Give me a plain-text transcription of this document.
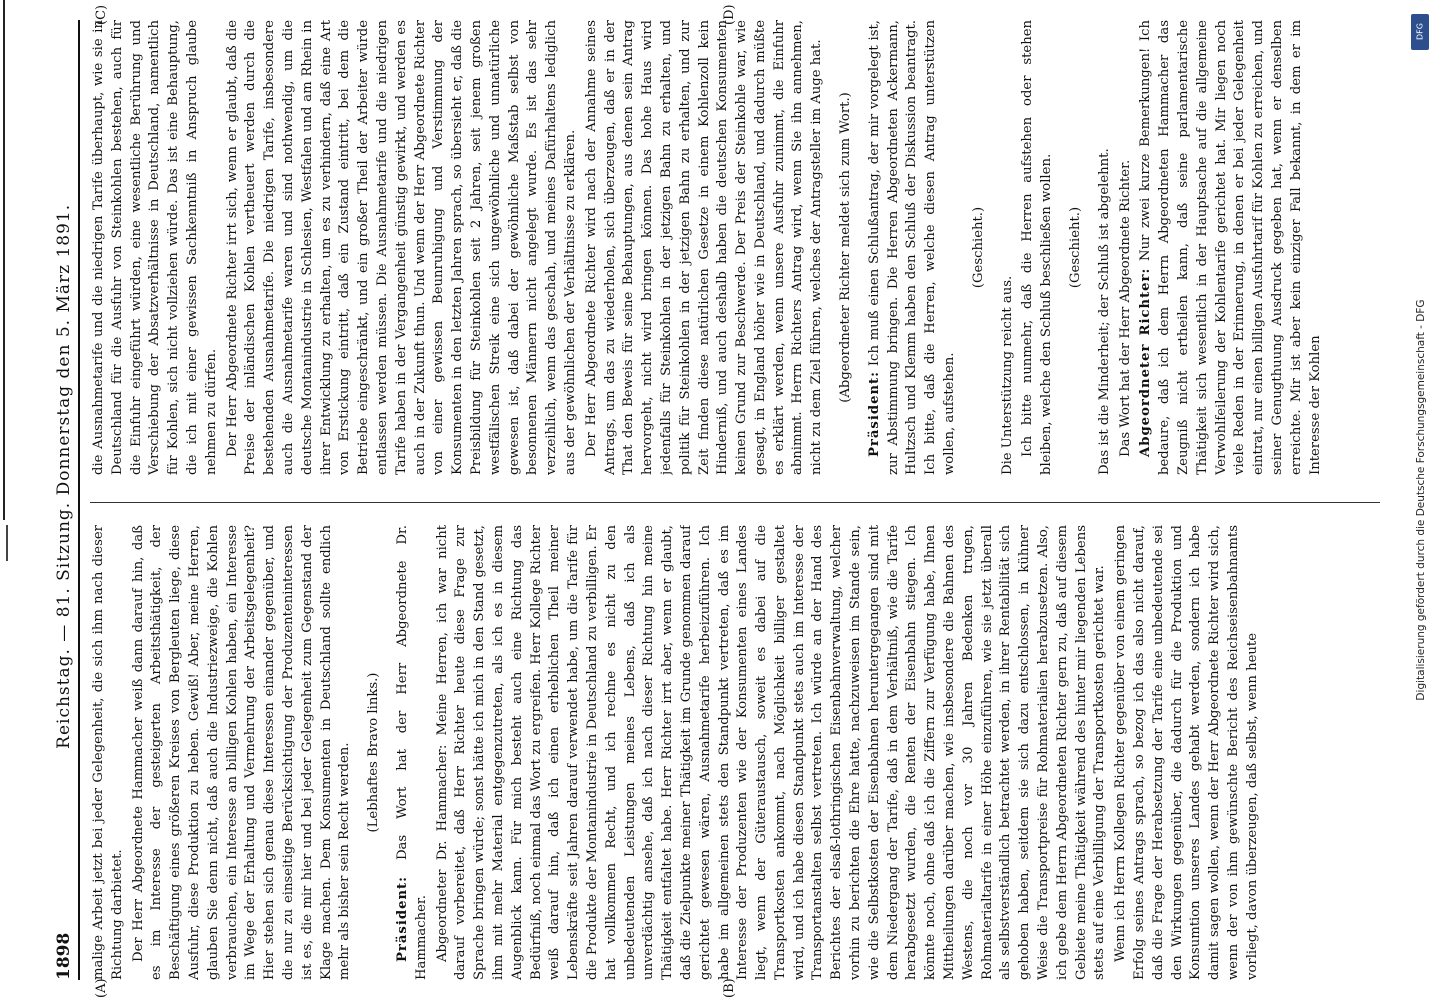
1898
Reichstag. — 81. Sitzung. Donnerstag den 5. März 1891.
(A)	(B)
(C)	(D)

malige Arbeit jetzt bei jeder Gelegenheit, die sich ihm nach dieser Richtung darbietet. Der Herr Abgeordnete Hammacher weiß dann darauf hin, daß es im Interesse der gesteigerten Arbeitsthätigkeit, der Beschäftigung eines größeren Kreises von Bergleuten liege, diese Ausfuhr, diese Produktion zu heben. Gewiß! Aber, meine Herren, glauben Sie denn nicht, daß auch die Industriezweige, die Kohlen verbrauchen, ein Interesse an billigen Kohlen haben, ein Interesse im Wege der Erhaltung und Vermehrung der Arbeitsgelegenheit? Hier stehen sich genau diese Interessen einander gegenüber, und die nur zu einseitige Berücksichtigung der Produzenteninteressen ist es, die mir hier und bei jeder Gelegenheit zum Gegenstand der Klage machen. Dem Konsumenten in Deutschland sollte endlich mehr als bisher sein Recht werden. (Lebhaftes Bravo links.)

Präsident: Das Wort hat der Herr Abgeordnete Dr. Hammacher. Abgeordneter Dr. Hammacher: Meine Herren, ich war nicht darauf vorbereitet, daß Herr Richter heute diese Frage zur Sprache bringen würde; sonst hätte ich mich in den Stand gesetzt, ihm mit mehr Material entgegenzutreten, als ich es in diesem Augenblick kann. Für mich besteht auch eine Richtung das Bedürfniß, noch einmal das Wort zu ergreifen. Herr Kollege Richter weiß darauf hin, daß ich einen erheblichen Theil meiner Lebenskräfte seit Jahren darauf verwendet habe, um die Tarife für die Produkte der Montanindustrie in Deutschland zu verbilligen. Er hat vollkommen Recht, und ich rechne es nicht zu den unbedeutenden Leistungen meines Lebens, daß ich als unverdächtig ansehe, daß ich nach dieser Richtung hin meine Thätigkeit entfaltet habe. Herr Richter irrt aber, wenn er glaubt, daß die Zielpunkte meiner Thätigkeit im Grunde genommen darauf gerichtet gewesen wären, Ausnahmetarife herbeizuführen. Ich habe im allgemeinen stets den Standpunkt vertreten, daß es im Interesse der Produzenten wie der Konsumenten eines Landes liegt, wenn der Güteraustausch, soweit es dabei auf die Transportkosten ankommt, nach Möglichkeit billiger gestaltet wird, und ich habe diesen Standpunkt stets auch im Interesse der Transportanstalten selbst vertreten. Ich würde an der Hand des Berichtes der elsaß-lothringischen Eisenbahnverwaltung, welcher vorhin zu berichten die Ehre hatte, nachzuweisen im Stande sein, wie die Selbstkosten der Eisenbahnen heruntergegangen sind mit dem Niedergang der Tarife, daß in dem Verhältniß, wie die Tarife herabgesetzt wurden, die Renten der Eisenbahn stiegen. Ich könnte noch, ohne daß ich die Ziffern zur Verfügung habe, Ihnen Mittheilungen darüber machen, wie insbesondere die Bahnen des Westens, die noch vor 30 Jahren Bedenken trugen, Rohmaterialtarife in einer Höhe einzuführen, wie sie jetzt überall als selbstverständlich betrachtet werden, in ihrer Rentabilität sich gehoben haben, seitdem sie sich dazu entschlossen, in kühner Weise die Transportpreise für Rohmaterialien herabzusetzen. Also, ich gebe dem Herrn Abgeordneten Richter gern zu, daß auf diesem Gebiete meine Thätigkeit während des hinter mir liegenden Lebens stets auf eine Verbilligung der Transportkosten gerichtet war. Wenn ich Herrn Kollegen Richter gegenüber von einem geringen Erfolg seines Antrags sprach, so bezog ich das also nicht darauf, daß die Frage der Herabsetzung der Tarife eine unbedeutende sei den Wirkungen gegenüber, die dadurch für die Produktion und Konsumtion unseres Landes gehabt werden, sondern ich habe damit sagen wollen, wenn der Herr Abgeordnete Richter wird sich, wenn der von ihm gewünschte Bericht des Reichseisenbahnamts vorliegt, davon überzeugen, daß selbst, wenn heute

die Ausnahmetarife und die niedrigen Tarife überhaupt, wie sie in Deutschland für die Ausfuhr von Steinkohlen bestehen, auch für die Einfuhr eingeführt würden, eine wesentliche Berührung und Verschiebung der Absatzverhältnisse in Deutschland, namentlich für Kohlen, sich nicht vollziehen würde. Das ist eine Behauptung, die ich mit einer gewissen Sachkenntniß in Anspruch glaube nehmen zu dürfen. Der Herr Abgeordnete Richter irrt sich, wenn er glaubt, daß die Preise der inländischen Kohlen vertheuert werden durch die bestehenden Ausnahmetarife. Die niedrigen Tarife, insbesondere auch die Ausnahmetarife waren und sind nothwendig, um die deutsche Montanindustrie in Schlesien, Westfalen und am Rhein in ihrer Entwicklung zu erhalten, um es zu verhindern, daß eine Art von Erstickung eintritt, daß ein Zustand eintritt, bei dem die Betriebe eingeschränkt, und ein großer Theil der Arbeiter würde entlassen werden müssen. Die Ausnahmetarife und die niedrigen Tarife haben in der Vergangenheit günstig gewirkt, und werden es auch in der Zukunft thun. Und wenn der Herr Abgeordnete Richter von einer gewissen Beunruhigung und Verstimmung der Konsumenten in den letzten Jahren sprach, so übersieht er, daß die Preisbildung für Steinkohlen seit 2 Jahren, seit jenem großen westfälischen Streik eine sich ungewöhnliche und unnatürliche gewesen ist, daß dabei der gewöhnliche Maßstab selbst von besonnenen Männern nicht angelegt wurde. Es ist das sehr verzeihlich, wenn das geschah, und meines Dafürhaltens lediglich aus der gewöhnlichen der Verhältnisse zu erklären. Der Herr Abgeordnete Richter wird nach der Annahme seines Antrags, um das zu wiederholen, sich überzeugen, daß er in der That den Beweis für seine Behauptungen, aus denen sein Antrag hervorgeht, nicht wird bringen können. Das hohe Haus wird jedenfalls für Steinkohlen in der jetzigen Bahn zu erhalten, und politik für Steinkohlen in der jetzigen Bahn zu erhalten, und zur Zeit finden diese natürlichen Gesetze in einem Kohlenzoll kein Hinderniß, und auch deshalb haben die deutschen Konsumenten keinen Grund zur Beschwerde. Der Preis der Steinkohle war, wie gesagt, in England höher wie in Deutschland, und dadurch müßte es erklärt werden, wenn unsere Ausfuhr zunimmt, die Einfuhr abnimmt. Herrn Richters Antrag wird, wenn Sie ihn annehmen, nicht zu dem Ziel führen, welches der Antragsteller im Auge hat. (Abgeordneter Richter meldet sich zum Wort.)

Präsident: Ich muß einen Schlußantrag, der mir vorgelegt ist, zur Abstimmung bringen. Die Herren Abgeordneten Ackermann, Hultzsch und Klemm haben den Schluß der Diskussion beantragt. Ich bitte, daß die Herren, welche diesen Antrag unterstützen wollen, aufstehen.

(Geschieht.)

Die Unterstützung reicht aus. Ich bitte nunmehr, daß die Herren aufstehen oder stehen bleiben, welche den Schluß beschließen wollen. (Geschieht.) Das ist die Minderheit; der Schluß ist abgelehnt. Das Wort hat der Herr Abgeordnete Richter. Abgeordneter Richter: Nur zwei kurze Bemerkungen! Ich bedaure, daß ich dem Herrn Abgeordneten Hammacher das Zeugniß nicht ertheilen kann, daß seine parlamentarische Thätigkeit sich wesentlich in der Hauptsache auf die allgemeine Verwohlfeilerung der Kohlentarife gerichtet hat. Mir liegen noch viele Reden in der Erinnerung, in denen er bei jeder Gelegenheit eintrat, nur einen billigen Ausfuhrtarif für Kohlen zu erreichen, und seiner Genugthuung Ausdruck gegeben hat, wenn er denselben erreichte. Mir ist aber kein einziger Fall bekannt, in dem er im Interesse der Kohlen

DFG
Digitalisierung gefördert durch die Deutsche Forschungsgemeinschaft - DFG
